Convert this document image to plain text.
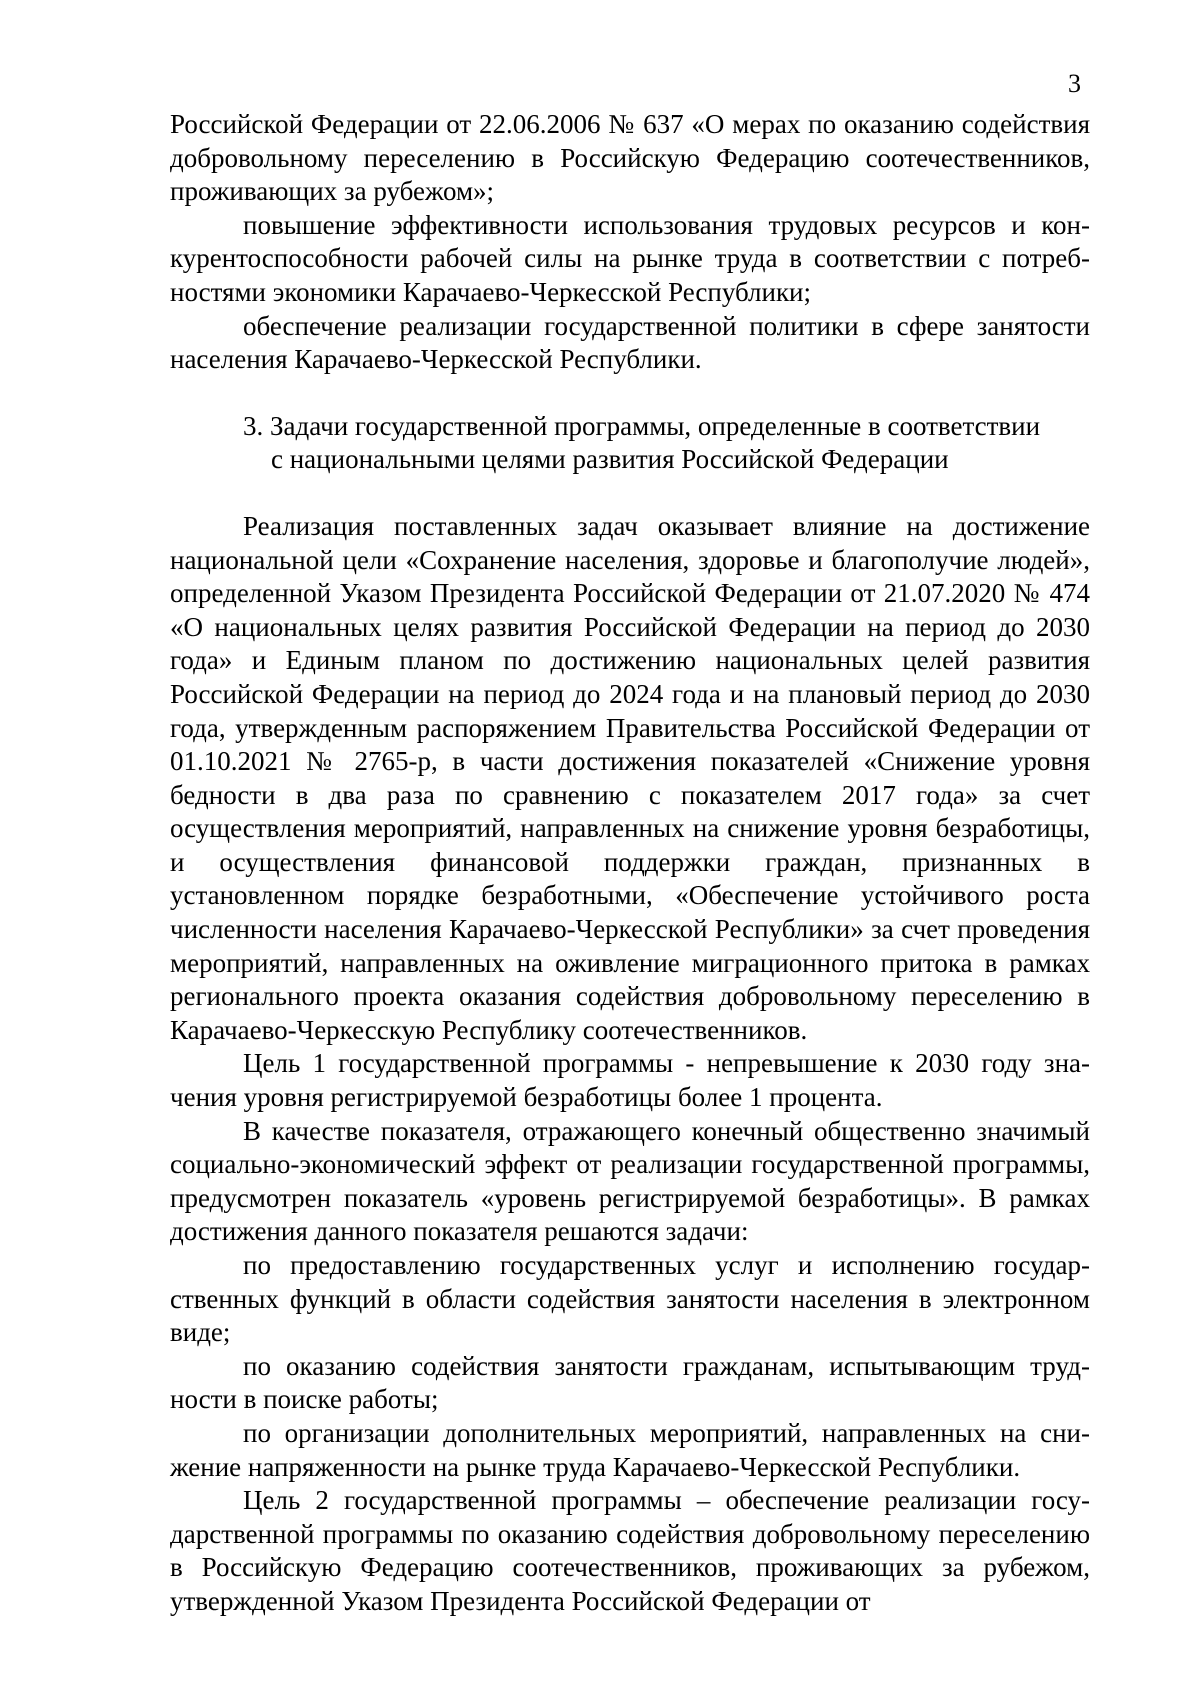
3

Российской Федерации от 22.06.2006 № 637 «О мерах по оказанию содействия добровольному переселению в Российскую Федерацию соотечественников, проживающих за рубежом»;

повышение эффективности использования трудовых ресурсов и конкурентоспособности рабочей силы на рынке труда в соответствии с потребностями экономики Карачаево-Черкесской Республики;

обеспечение реализации государственной политики в сфере занятости населения Карачаево-Черкесской Республики.

3. Задачи государственной программы, определенные в соответствии
с национальными целями развития Российской Федерации

Реализация поставленных задач оказывает влияние на достижение национальной цели «Сохранение населения, здоровье и благополучие людей», определенной Указом Президента Российской Федерации от 21.07.2020 № 474 «О национальных целях развития Российской Федерации на период до 2030 года» и Единым планом по достижению национальных целей развития Российской Федерации на период до 2024 года и на плановый период до 2030 года, утвержденным распоряжением Правительства Российской Федерации от 01.10.2021 № 2765-р, в части достижения показателей «Снижение уровня бедности в два раза по сравнению с показателем 2017 года» за счет осуществления мероприятий, направленных на снижение уровня безработицы, и осуществления финансовой поддержки граждан, признанных в установленном порядке безработными, «Обеспечение устойчивого роста численности населения Карачаево-Черкесской Республики» за счет проведения мероприятий, направленных на оживление миграционного притока в рамках регионального проекта оказания содействия добровольному переселению в Карачаево-Черкесскую Республику соотечественников.

Цель 1 государственной программы - непревышение к 2030 году значения уровня регистрируемой безработицы более 1 процента.

В качестве показателя, отражающего конечный общественно значимый социально-экономический эффект от реализации государственной программы, предусмотрен показатель «уровень регистрируемой безработицы». В рамках достижения данного показателя решаются задачи:

по предоставлению государственных услуг и исполнению государственных функций в области содействия занятости населения в электронном виде;

по оказанию содействия занятости гражданам, испытывающим трудности в поиске работы;

по организации дополнительных мероприятий, направленных на снижение напряженности на рынке труда Карачаево-Черкесской Республики.

Цель 2 государственной программы – обеспечение реализации государственной программы по оказанию содействия добровольному переселению в Российскую Федерацию соотечественников, проживающих за рубежом, утвержденной Указом Президента Российской Федерации от
